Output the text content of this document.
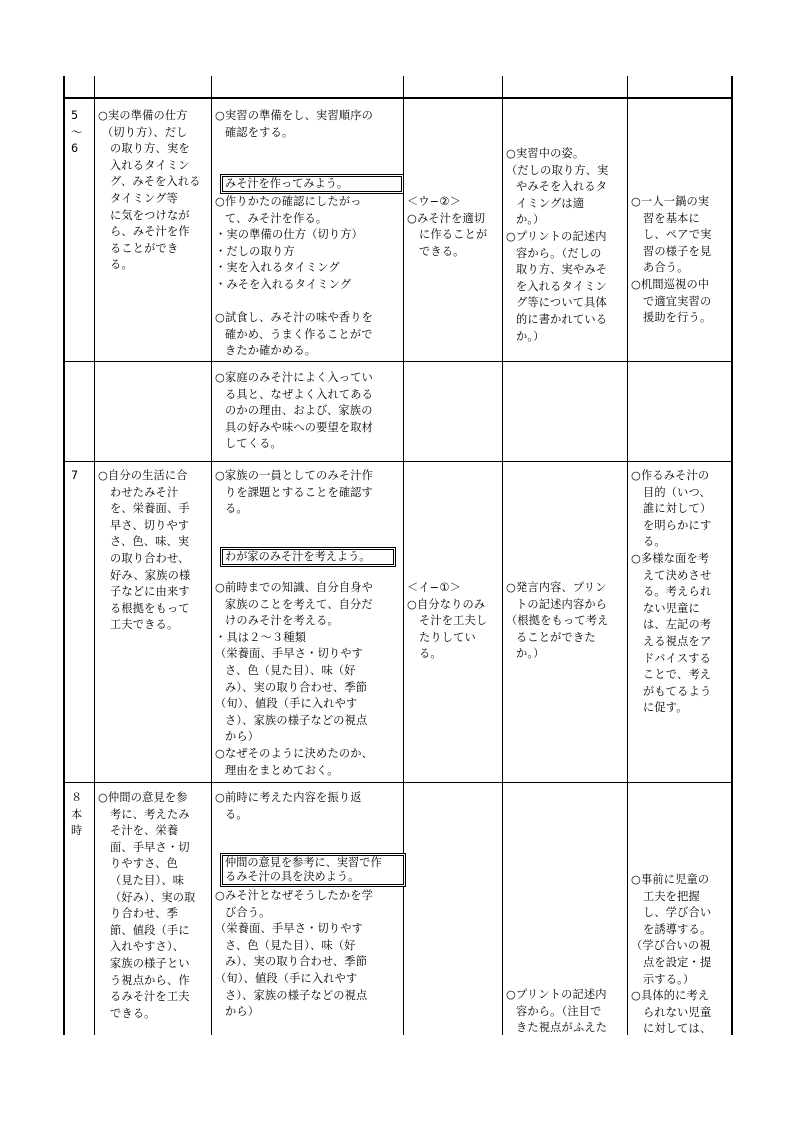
5
〜
6
○実の準備の仕方
（切り方）、だし
の取り方、実を
入れるタイミン
グ、みそを入れる
タイミング等
に気をつけなが
ら、みそ汁を作
ることができ
る。
○実習の準備をし、実習順序の
確認をする。
みそ汁を作ってみよう。
○作りかたの確認にしたがっ
て、みそ汁を作る。
・実の準備の仕方（切り方）
・だしの取り方
・実を入れるタイミング
・みそを入れるタイミング

○試食し、みそ汁の味や香りを
確かめ、うまく作ることがで
きたか確かめる。
＜ウ−②＞
○みそ汁を適切
に作ることが
できる。
○実習中の姿。
（だしの取り方、実
やみそを入れるタ
イミングは適
か。）
○プリントの記述内
容から。（だしの
取り方、実やみそ
を入れるタイミン
グ等について具体
的に書かれている
か。）
○一人一鍋の実
習を基本に
し、ペアで実
習の様子を見
あ合う。
○机間巡視の中
で適宜実習の
援助を行う。
○家庭のみそ汁によく入ってい
る具と、なぜよく入れてある
のかの理由、および、家族の
具の好みや味への要望を取材
してくる。
7 ○自分の生活に合
わせたみそ汁
を、栄養面、手
早さ、切りやす
さ、色、味、実
の取り合わせ、
好み、家族の様
子などに由来す
る根拠をもって
工夫できる。
○家族の一員としてのみそ汁作
りを課題とすることを確認す
る。
わが家のみそ汁を考えよう。
○前時までの知識、自分自身や
家族のことを考えて、自分だ
けのみそ汁を考える。
・具は２〜３種類
（栄養面、手早さ・切りやす
さ、色（見た目）、味（好
み）、実の取り合わせ、季節
（旬）、値段（手に入れやす
さ）、家族の様子などの視点
から）
○なぜそのように決めたのか、
理由をまとめておく。
＜イ−①＞
○自分なりのみ
そ汁を工夫し
たりしてい
る。
○発言内容、プリン
トの記述内容から
（根拠をもって考え
ることができた
か。）
○作るみそ汁の
目的（いつ、
誰に対して）
を明らかにす
る。
○多様な面を考
えて決めさせ
る。考えられ
ない児童に
は、左記の考
える視点をア
ドバイスする
ことで、考え
がもてるよう
に促す。
８
本
時
○仲間の意見を参
考に、考えたみ
そ汁を、栄養
面、手早さ・切
りやすさ、色
（見た目）、味
（好み）、実の取
り合わせ、季
節、値段（手に
入れやすさ）、
家族の様子とい
う視点から、作
るみそ汁を工夫
できる。
○前時に考えた内容を振り返
る。
仲間の意見を参考に、実習で作
るみそ汁の具を決めよう。
○みそ汁となぜそうしたかを学
び合う。
（栄養面、手早さ・切りやす
さ、色（見た目）、味（好
み）、実の取り合わせ、季節
（旬）、値段（手に入れやす
さ）、家族の様子などの視点
から）
○プリントの記述内
容から。（注目で
きた視点がふえた
○事前に児童の
工夫を把握
し、学び合い
を誘導する。
（学び合いの視
点を設定・提
示する。）
○具体的に考え
られない児童
に対しては、
